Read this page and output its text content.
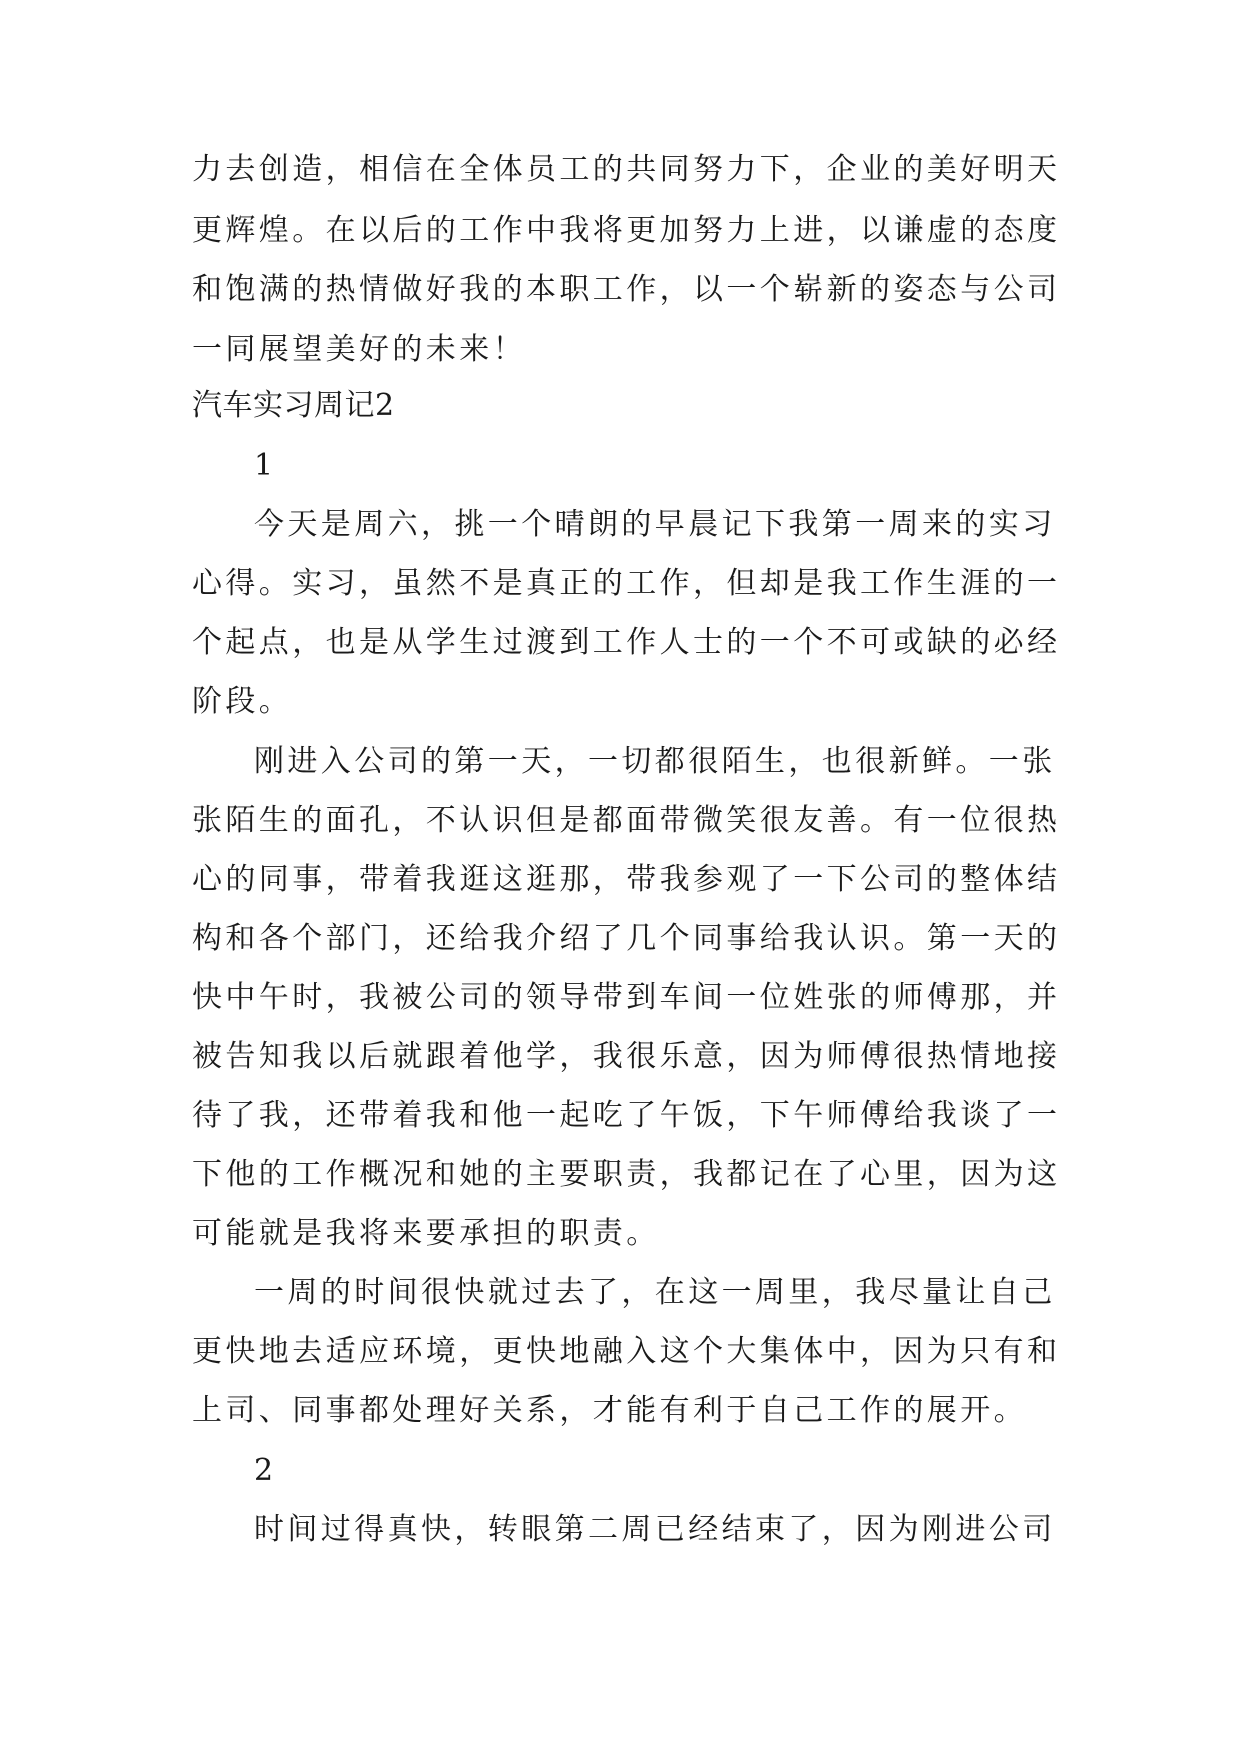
力去创造，相信在全体员工的共同努力下，企业的美好明天
更辉煌。在以后的工作中我将更加努力上进，以谦虚的态度
和饱满的热情做好我的本职工作，以一个崭新的姿态与公司
一同展望美好的未来！
汽车实习周记2
1
今天是周六，挑一个晴朗的早晨记下我第一周来的实习
心得。实习，虽然不是真正的工作，但却是我工作生涯的一
个起点，也是从学生过渡到工作人士的一个不可或缺的必经
阶段。
刚进入公司的第一天，一切都很陌生，也很新鲜。一张
张陌生的面孔，不认识但是都面带微笑很友善。有一位很热
心的同事，带着我逛这逛那，带我参观了一下公司的整体结
构和各个部门，还给我介绍了几个同事给我认识。第一天的
快中午时，我被公司的领导带到车间一位姓张的师傅那，并
被告知我以后就跟着他学，我很乐意，因为师傅很热情地接
待了我，还带着我和他一起吃了午饭，下午师傅给我谈了一
下他的工作概况和她的主要职责，我都记在了心里，因为这
可能就是我将来要承担的职责。
一周的时间很快就过去了，在这一周里，我尽量让自己
更快地去适应环境，更快地融入这个大集体中，因为只有和
上司、同事都处理好关系，才能有利于自己工作的展开。
2
时间过得真快，转眼第二周已经结束了，因为刚进公司
